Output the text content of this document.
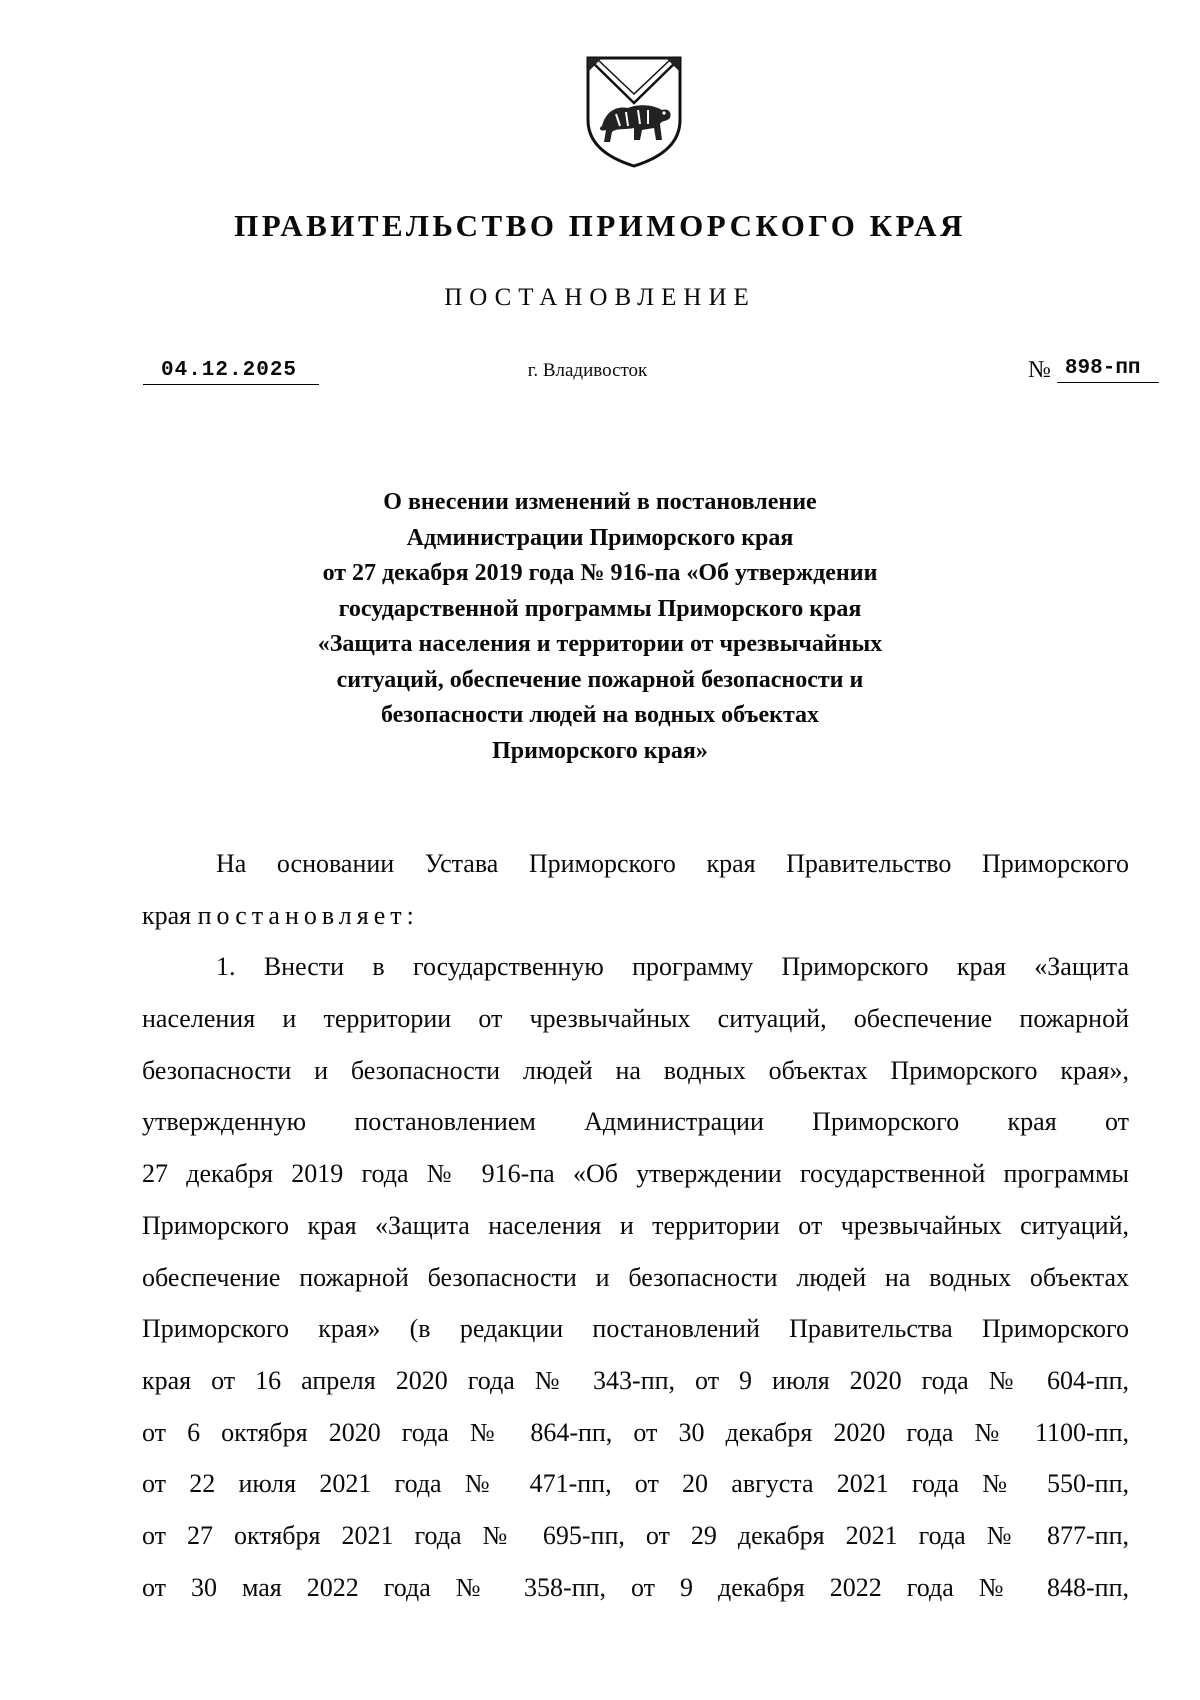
ПРАВИТЕЛЬСТВО ПРИМОРСКОГО КРАЯ
ПОСТАНОВЛЕНИЕ
04.12.2025	г. Владивосток	№ 898-пп
О внесении изменений в постановление
Администрации Приморского края
от 27 декабря 2019 года № 916-па «Об утверждении
государственной программы Приморского края
«Защита населения и территории от чрезвычайных
ситуаций, обеспечение пожарной безопасности и
безопасности людей на водных объектах
Приморского края»
На основании Устава Приморского края Правительство Приморского
края постановляет:
1. Внести в государственную программу Приморского края «Защита
населения и территории от чрезвычайных ситуаций, обеспечение пожарной
безопасности и безопасности людей на водных объектах Приморского края»,
утвержденную постановлением Администрации Приморского края от
27 декабря 2019 года № 916-па «Об утверждении государственной программы
Приморского края «Защита населения и территории от чрезвычайных ситуаций,
обеспечение пожарной безопасности и безопасности людей на водных объектах
Приморского края» (в редакции постановлений Правительства Приморского
края от 16 апреля 2020 года № 343-пп, от 9 июля 2020 года № 604-пп,
от 6 октября 2020 года № 864-пп, от 30 декабря 2020 года № 1100-пп,
от 22 июля 2021 года № 471-пп, от 20 августа 2021 года № 550-пп,
от 27 октября 2021 года № 695-пп, от 29 декабря 2021 года № 877-пп,
от 30 мая 2022 года № 358-пп, от 9 декабря 2022 года № 848-пп,
